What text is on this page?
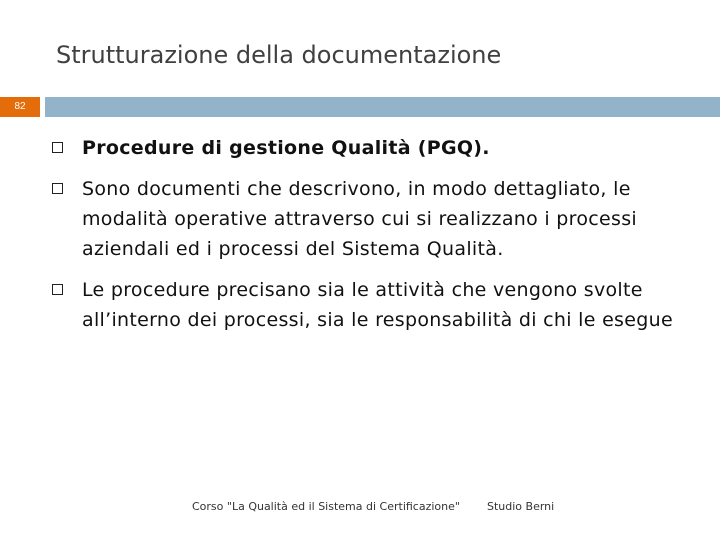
Strutturazione della documentazione
82
Procedure di gestione Qualità (PGQ).
Sono documenti che descrivono, in modo dettagliato, le modalità operative attraverso cui si realizzano i processi aziendali ed i processi del Sistema Qualità.
Le procedure precisano sia le attività che vengono svolte all’interno dei processi, sia le responsabilità di chi le esegue
Corso "La Qualità ed il Sistema di Certificazione" Studio Berni
